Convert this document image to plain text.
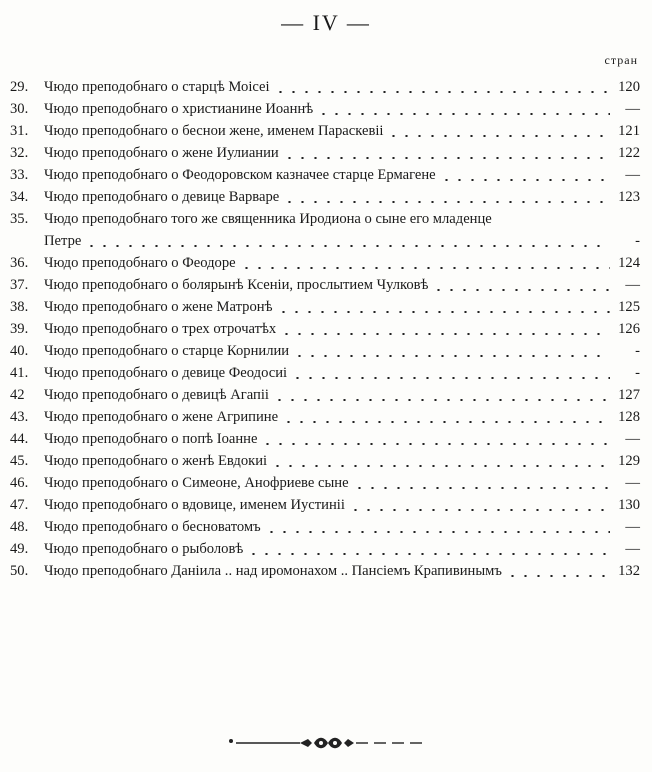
— IV —
стран
29.	Чюдо преподобнаго о старцѣ Моісеі	120
30.	Чюдо преподобнаго о христианине Иоаннѣ	—
31.	Чюдо преподобнаго о беснои жене, именем Параскевіі	121
32.	Чюдо преподобнаго о жене Иулиании	122
33.	Чюдо преподобнаго о Феодоровском казначее старце Ермагене	—
34.	Чюдо преподобнаго о девице Варваре	123
35.	Чюдо преподобнаго того же священника Иродиона о сыне его младенце
Петре	-
36.	Чюдо преподобнаго о Феодоре	124
37.	Чюдо преподобнаго о болярынѣ Ксенiи, прослытием Чулковѣ	—
38.	Чюдо преподобнаго о жене Матронѣ	125
39.	Чюдо преподобнаго о трех отрочатѣх	126
40.	Чюдо преподобнаго о старце Корнилии	-
41.	Чюдо преподобнаго о девице Феодосиі	-
42	Чюдо преподобнаго о девицѣ Агапіі	127
43.	Чюдо преподобнаго о жене Агрипине	128
44.	Чюдо преподобнаго о попѣ Іоанне	—
45.	Чюдо преподобнаго о женѣ Евдокиі	129
46.	Чюдо преподобнаго о Симеоне, Анофриеве сыне	—
47.	Чюдо преподобнаго о вдовице, именем Иустиніі	130
48.	Чюдо преподобнаго о бесноватомъ	—
49.	Чюдо преподобнаго о рыболовѣ	—
50.	Чюдо преподобнаго Даніила .. над иромонахом .. Пансіемъ Крапивинымъ	132
